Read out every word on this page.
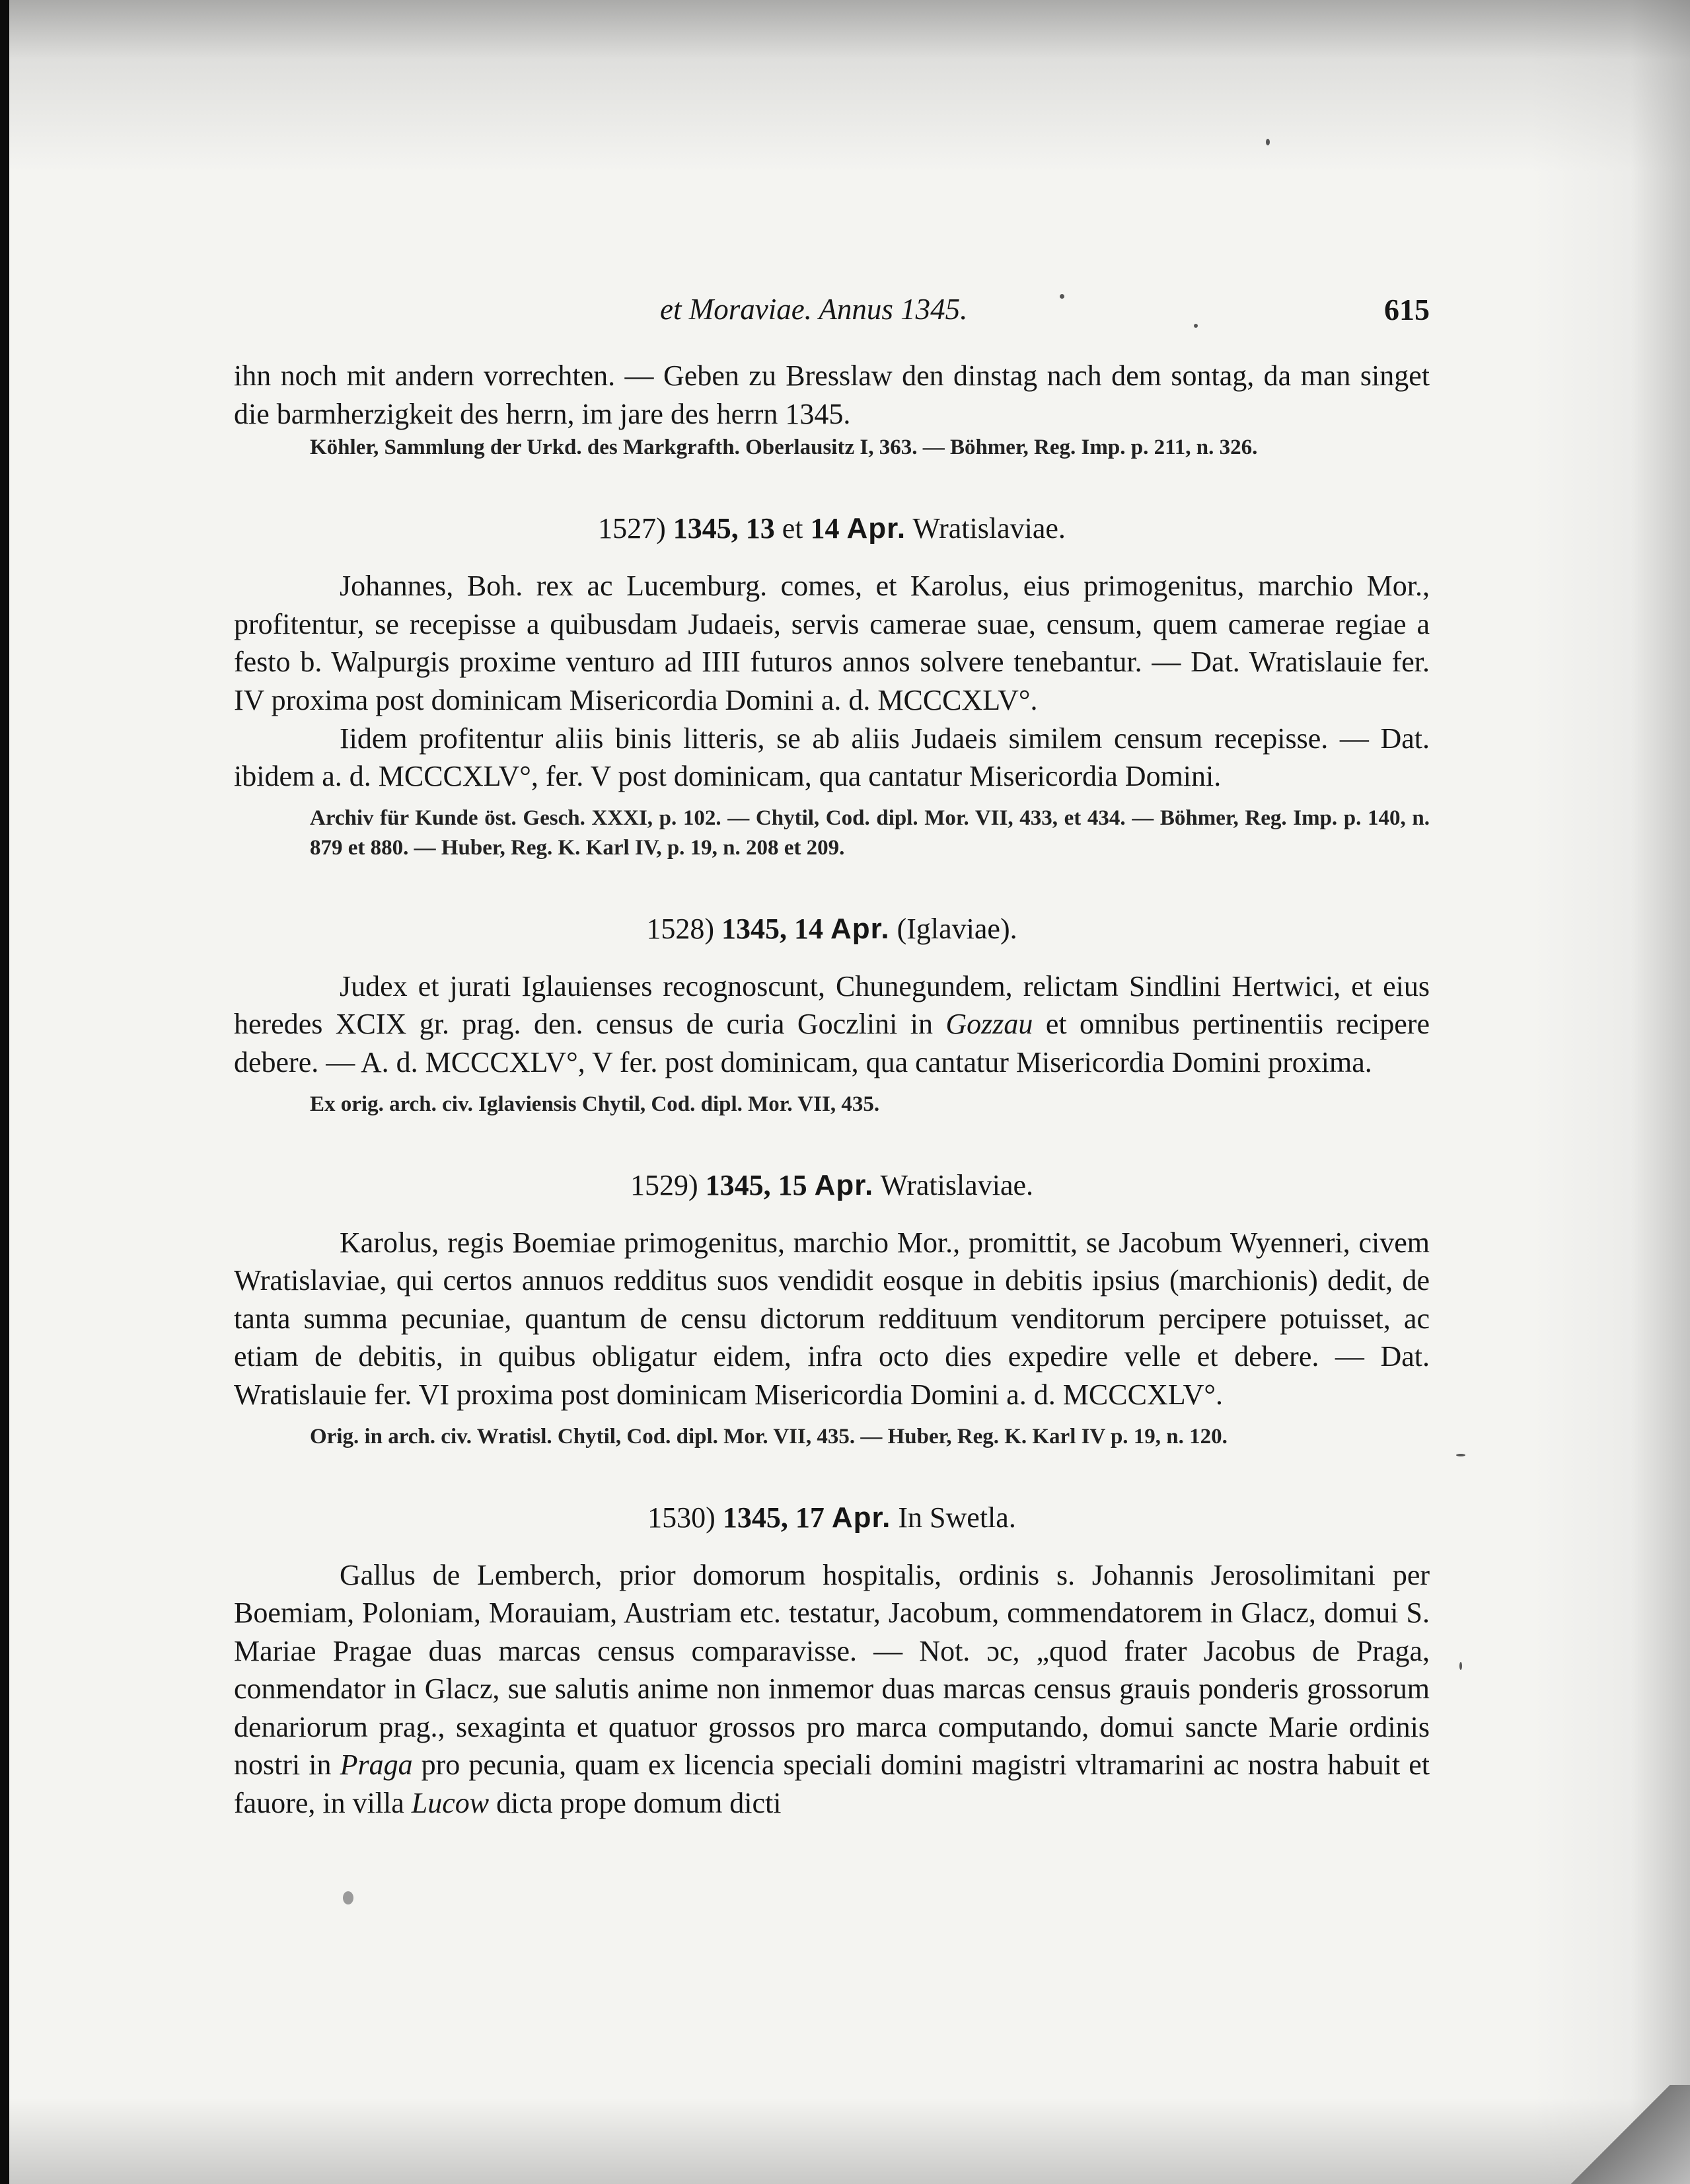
et Moraviae. Annus 1345.	615

ihn noch mit andern vorrechten. — Geben zu Bresslaw den dinstag nach dem sontag, da man singet die barmherzigkeit des herrn, im jare des herrn 1345.

Köhler, Sammlung der Urkd. des Markgrafth. Oberlausitz I, 363. — Böhmer, Reg. Imp. p. 211, n. 326.

1527) 1345, 13 et 14 Apr. Wratislaviae.

Johannes, Boh. rex ac Lucemburg. comes, et Karolus, eius primogenitus, marchio Mor., profitentur, se recepisse a quibusdam Judaeis, servis camerae suae, censum, quem camerae regiae a festo b. Walpurgis proxime venturo ad IIII futuros annos solvere tenebantur. — Dat. Wratislauie fer. IV proxima post dominicam Misericordia Domini a. d. MCCCXLV°.

Iidem profitentur aliis binis litteris, se ab aliis Judaeis similem censum recepisse. — Dat. ibidem a. d. MCCCXLV°, fer. V post dominicam, qua cantatur Misericordia Domini.

Archiv für Kunde öst. Gesch. XXXI, p. 102. — Chytil, Cod. dipl. Mor. VII, 433, et 434. — Böhmer, Reg. Imp. p. 140, n. 879 et 880. — Huber, Reg. K. Karl IV, p. 19, n. 208 et 209.

1528) 1345, 14 Apr. (Iglaviae).

Judex et jurati Iglauienses recognoscunt, Chunegundem, relictam Sindlini Hertwici, et eius heredes XCIX gr. prag. den. census de curia Goczlini in Gozzau et omnibus pertinentiis recipere debere. — A. d. MCCCXLV°, V fer. post dominicam, qua cantatur Misericordia Domini proxima.

Ex orig. arch. civ. Iglaviensis Chytil, Cod. dipl. Mor. VII, 435.

1529) 1345, 15 Apr. Wratislaviae.

Karolus, regis Boemiae primogenitus, marchio Mor., promittit, se Jacobum Wyenneri, civem Wratislaviae, qui certos annuos redditus suos vendidit eosque in debitis ipsius (marchionis) dedit, de tanta summa pecuniae, quantum de censu dictorum reddituum venditorum percipere potuisset, ac etiam de debitis, in quibus obligatur eidem, infra octo dies expedire velle et debere. — Dat. Wratislauie fer. VI proxima post dominicam Misericordia Domini a. d. MCCCXLV°.

Orig. in arch. civ. Wratisl. Chytil, Cod. dipl. Mor. VII, 435. — Huber, Reg. K. Karl IV p. 19, n. 120.

1530) 1345, 17 Apr. In Swetla.

Gallus de Lemberch, prior domorum hospitalis, ordinis s. Johannis Jerosolimitani per Boemiam, Poloniam, Morauiam, Austriam etc. testatur, Jacobum, commendatorem in Glacz, domui S. Mariae Pragae duas marcas census comparavisse. — Not. ɔc, „quod frater Jacobus de Praga, conmendator in Glacz, sue salutis anime non inmemor duas marcas census grauis ponderis grossorum denariorum prag., sexaginta et quatuor grossos pro marca computando, domui sancte Marie ordinis nostri in Praga pro pecunia, quam ex licencia speciali domini magistri vltramarini ac nostra habuit et fauore, in villa Lucow dicta prope domum dicti
